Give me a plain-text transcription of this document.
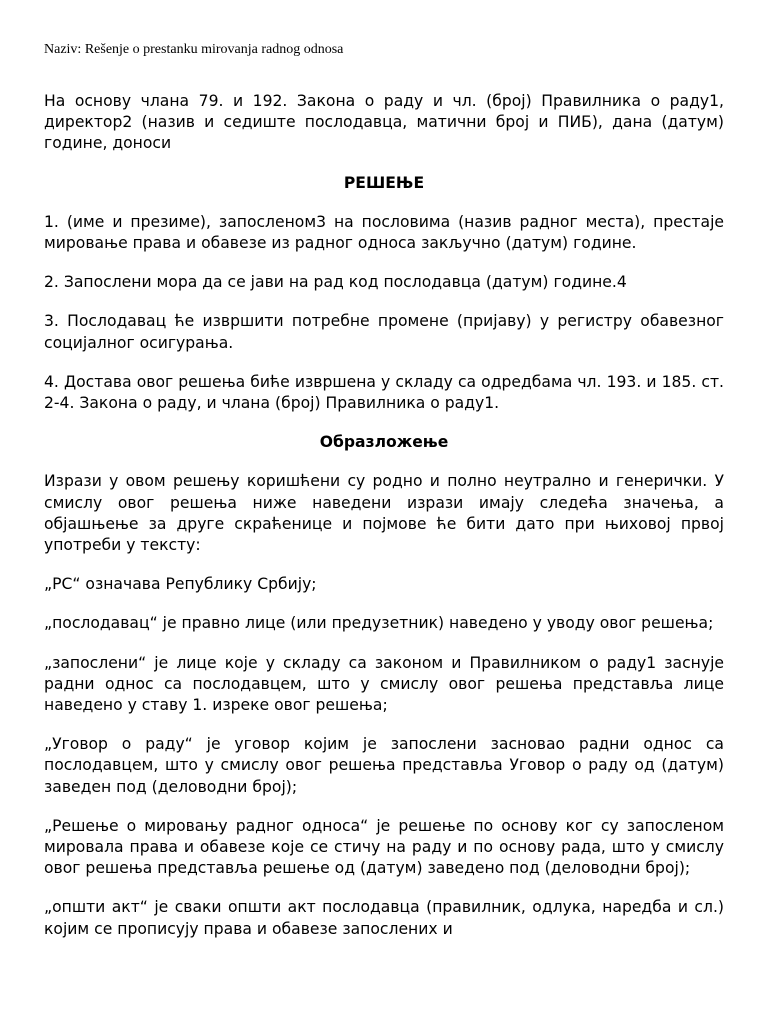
Naziv: Rešenje o prestanku mirovanja radnog odnosa

На основу члана 79. и 192. Закона о раду и чл. (број) Правилника о раду1, директор2 (назив и седиште послодавца, матични број и ПИБ), дана (датум) године, доноси

РЕШЕЊЕ

1. (име и презиме), запосленом3 на пословима (назив радног места), престаје мировање права и обавезе из радног односа закључно (датум) године.

2. Запослени мора да се јави на рад код послодавца (датум) године.4

3. Послодавац ће извршити потребне промене (пријаву) у регистру обавезног социјалног осигурања.

4. Достава овог решења биће извршена у складу са одредбама чл. 193. и 185. ст. 2-4. Закона о раду, и члана (број) Правилника о раду1.

Образложење

Изрази у овом решењу коришћени су родно и полно неутрално и генерички. У смислу овог решења ниже наведени изрази имају следећа значења, а објашњење за друге скраћенице и појмове ће бити дато при њиховој првој употреби у тексту:

„РС“ означава Републику Србију;

„послодавац“ је правно лице (или предузетник) наведено у уводу овог решења;

„запослени“ је лице које у складу са законом и Правилником о раду1 заснује радни однос са послодавцем, што у смислу овог решења представља лице наведено у ставу 1. изреке овог решења;

„Уговор о раду“ је уговор којим је запослени засновао радни однос са послодавцем, што у смислу овог решења представља Уговор о раду од (датум) заведен под (деловодни број);

„Решење о мировању радног односа“ је решење по основу ког су запосленом мировала права и обавезе које се стичу на раду и по основу рада, што у смислу овог решења представља решење од (датум) заведено под (деловодни број);

„општи акт“ је сваки општи акт послодавца (правилник, одлука, наредба и сл.) којим се прописују права и обавезе запослених и
